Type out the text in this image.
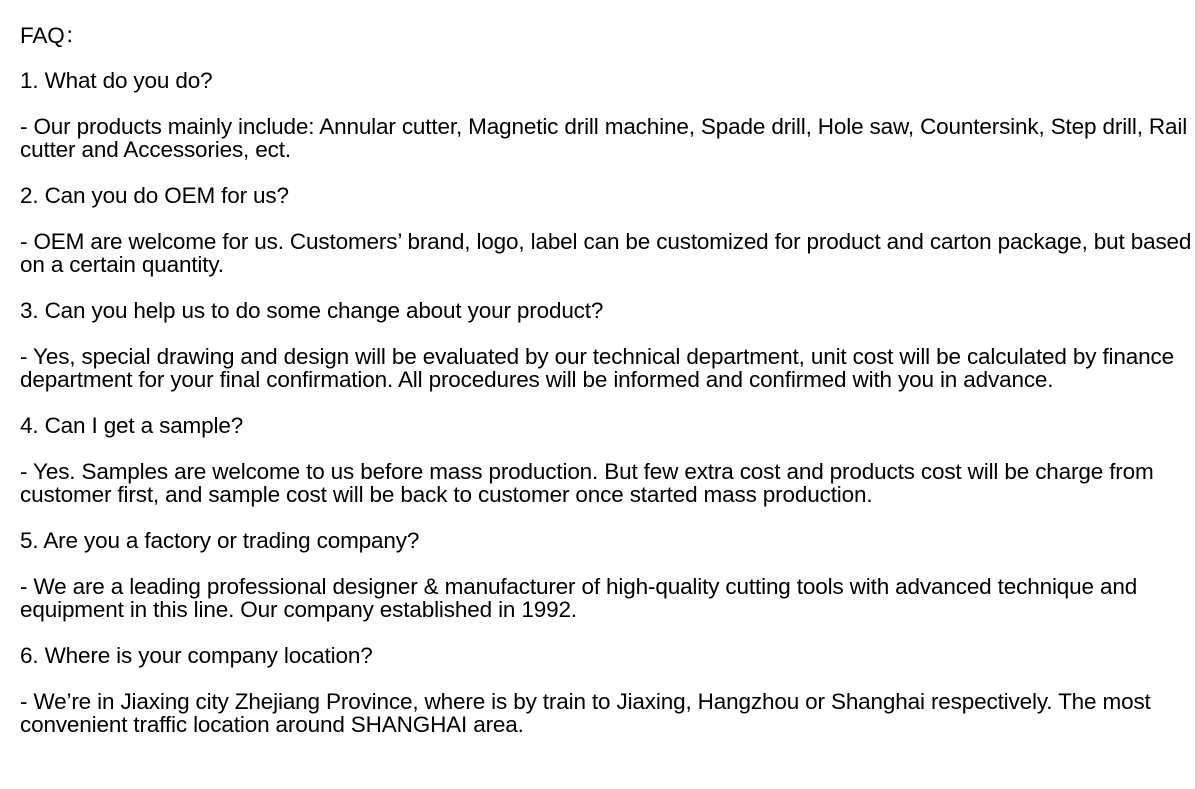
FAQ：
1. What do you do?
- Our products mainly include: Annular cutter, Magnetic drill machine, Spade drill, Hole saw, Countersink, Step drill, Rail cutter and Accessories, ect.
2. Can you do OEM for us?
- OEM are welcome for us. Customers’ brand, logo, label can be customized for product and carton package, but based on a certain quantity.
3. Can you help us to do some change about your product?
- Yes, special drawing and design will be evaluated by our technical department, unit cost will be calculated by finance department for your final confirmation. All procedures will be informed and confirmed with you in advance.
4. Can I get a sample?
- Yes. Samples are welcome to us before mass production. But few extra cost and products cost will be charge from customer first, and sample cost will be back to customer once started mass production.
5. Are you a factory or trading company?
- We are a leading professional designer & manufacturer of high-quality cutting tools with advanced technique and equipment in this line. Our company established in 1992.
6. Where is your company location?
- We’re in Jiaxing city Zhejiang Province, where is by train to Jiaxing, Hangzhou or Shanghai respectively. The most convenient traffic location around SHANGHAI area.
